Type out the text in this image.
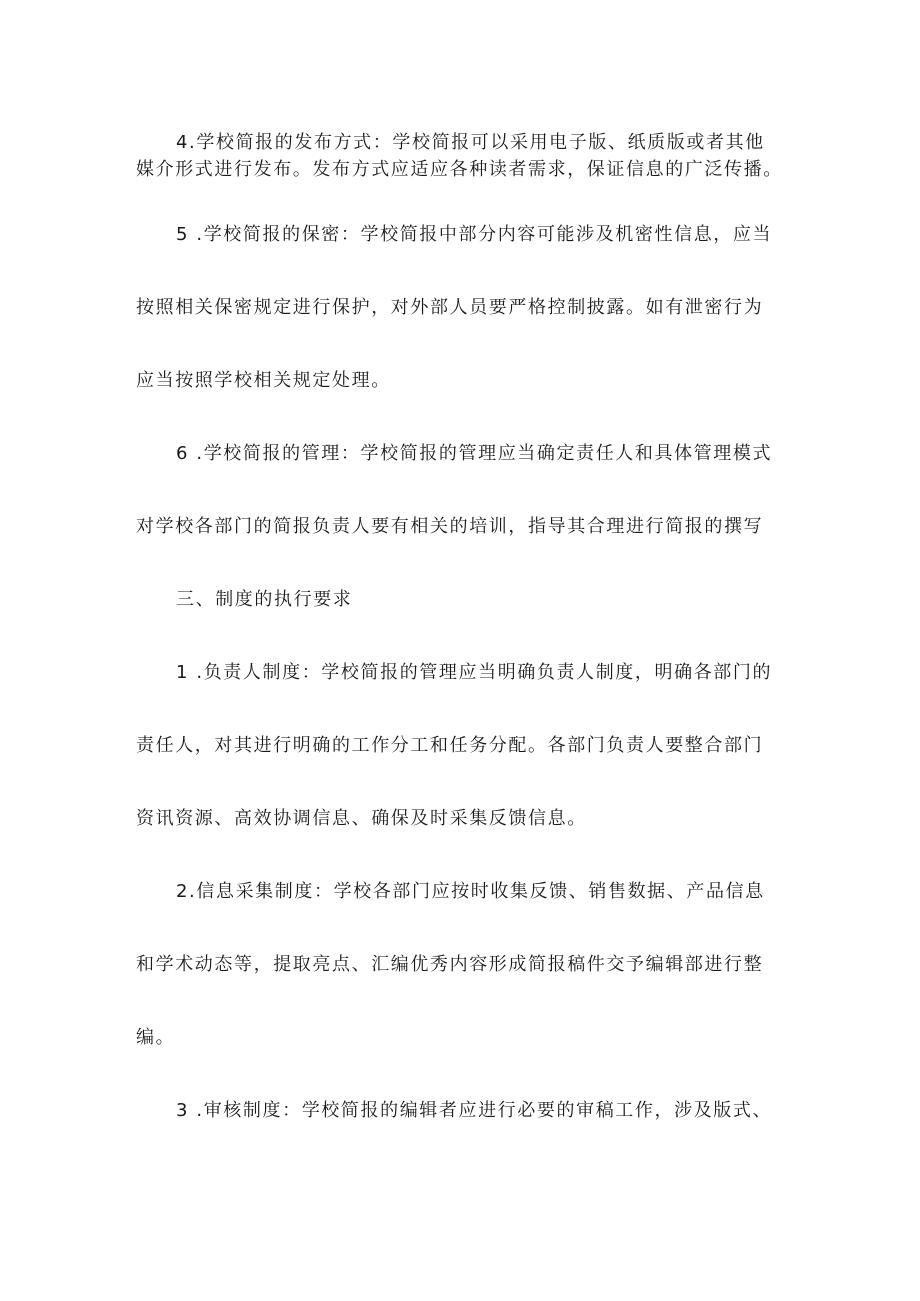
4.学校简报的发布方式：学校简报可以采用电子版、纸质版或者其他
媒介形式进行发布。发布方式应适应各种读者需求，保证信息的广泛传播。
5 .学校简报的保密：学校简报中部分内容可能涉及机密性信息，应当
按照相关保密规定进行保护，对外部人员要严格控制披露。如有泄密行为
应当按照学校相关规定处理。
6 .学校简报的管理：学校简报的管理应当确定责任人和具体管理模式
对学校各部门的简报负责人要有相关的培训，指导其合理进行简报的撰写
三、制度的执行要求
1 .负责人制度：学校简报的管理应当明确负责人制度，明确各部门的
责任人，对其进行明确的工作分工和任务分配。各部门负责人要整合部门
资讯资源、高效协调信息、确保及时采集反馈信息。
2.信息采集制度：学校各部门应按时收集反馈、销售数据、产品信息
和学术动态等，提取亮点、汇编优秀内容形成简报稿件交予编辑部进行整
编。
3 .审核制度：学校简报的编辑者应进行必要的审稿工作，涉及版式、
